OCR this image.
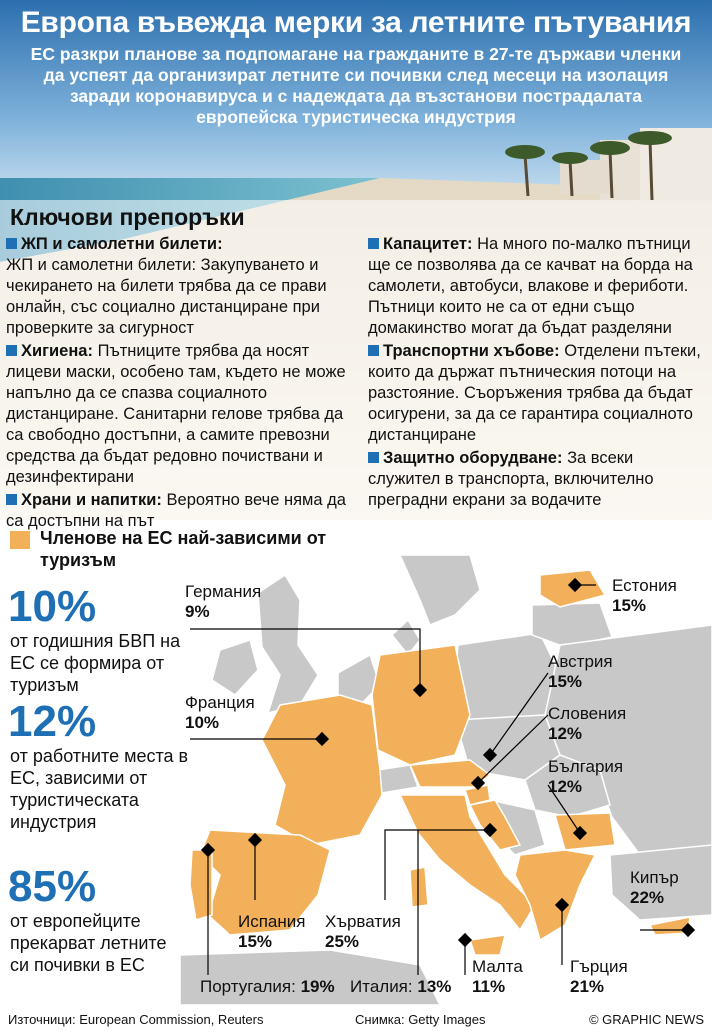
Европа въвежда мерки за летните пътувания

ЕС разкри планове за подпомагане на гражданите в 27-те държави членки да успеят да организират летните си почивки след месеци на изолация заради коронавируса и с надеждата да възстанови пострадалата европейска туристическа индустрия

Ключови препоръки

ЖП и самолетни билети:
ЖП и самолетни билети: Закупуването и чекирането на билети трябва да се прави онлайн, със социално дистанциране при проверките за сигурност

Хигиена: Пътниците трябва да носят лицеви маски, особено там, където не може напълно да се спазва социалното дистанциране. Санитарни гелове трябва да са свободно достъпни, а самите превозни средства да бъдат редовно почиствани и дезинфектирани

Храни и напитки: Вероятно вече няма да са достъпни на път

Капацитет: На много по-малко пътници ще се позволява да се качват на борда на самолети, автобуси, влакове и фериботи. Пътници които не са от едни също домакинство могат да бъдат разделяни

Транспортни хъбове: Отделени пътеки, които да държат пътническия потоци на разстояние. Съоръжения трябва да бъдат осигурени, за да се гарантира социалното дистанциране

Защитно оборудване: За всеки служител в транспорта, включително преградни екрани за водачите

Членове на ЕС най-зависими от туризъм
10%
от годишния БВП на ЕС се формира от туризъм
12%
от работните места в ЕС, зависими от туристическата индустрия
85%
от европейците прекарват летните си почивки в ЕС
Германия
9%
Франция
10%
Естония
15%
Австрия
15%
Словения
12%
България
12%
Кипър
22%
Испания
15%
Хърватия
25%
Малта
11%
Гърция
21%
Португалия: 19% Италия: 13%
Източници: European Commission, Reuters	Снимка: Getty Images	© GRAPHIC NEWS
